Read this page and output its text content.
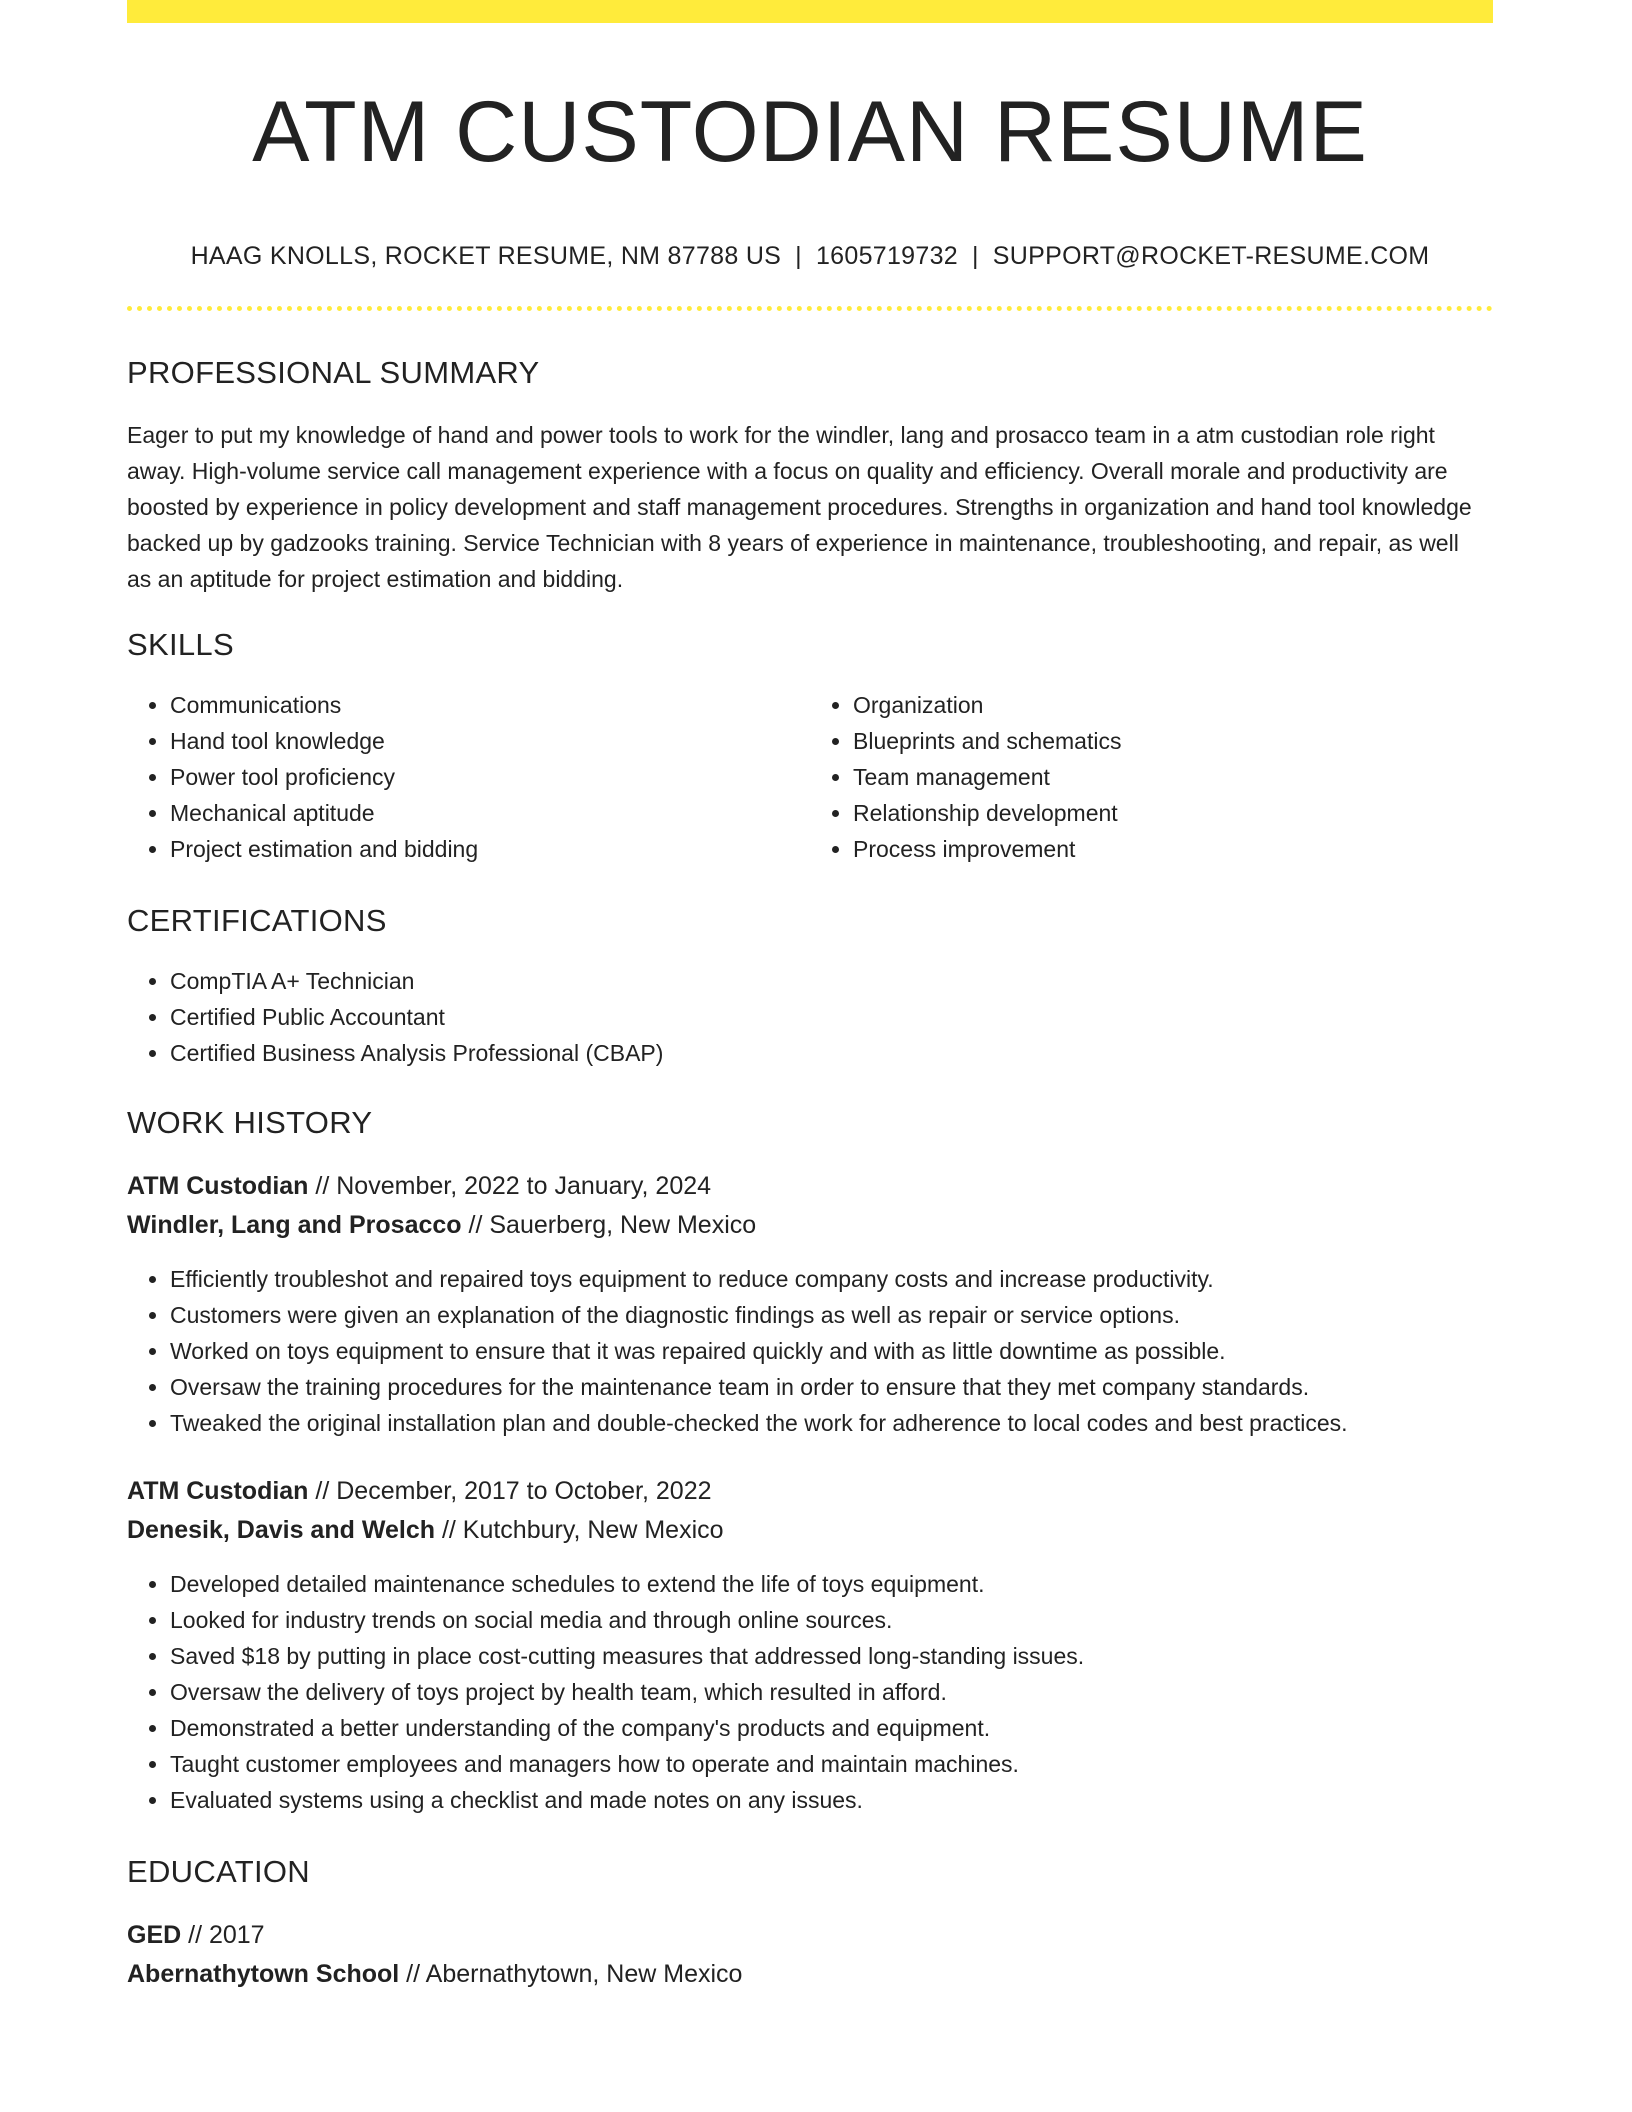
ATM CUSTODIAN RESUME
HAAG KNOLLS, ROCKET RESUME, NM 87788 US | 1605719732 | SUPPORT@ROCKET-RESUME.COM
PROFESSIONAL SUMMARY

Eager to put my knowledge of hand and power tools to work for the windler, lang and prosacco team in a atm custodian role right away. High-volume service call management experience with a focus on quality and efficiency. Overall morale and productivity are boosted by experience in policy development and staff management procedures. Strengths in organization and hand tool knowledge backed up by gadzooks training. Service Technician with 8 years of experience in maintenance, troubleshooting, and repair, as well as an aptitude for project estimation and bidding.

SKILLS
• Communications
• Hand tool knowledge
• Power tool proficiency
• Mechanical aptitude
• Project estimation and bidding
• Organization
• Blueprints and schematics
• Team management
• Relationship development
• Process improvement
CERTIFICATIONS
• CompTIA A+ Technician
• Certified Public Accountant
• Certified Business Analysis Professional (CBAP)
WORK HISTORY
ATM Custodian // November, 2022 to January, 2024
Windler, Lang and Prosacco // Sauerberg, New Mexico
• Efficiently troubleshot and repaired toys equipment to reduce company costs and increase productivity.
• Customers were given an explanation of the diagnostic findings as well as repair or service options.
• Worked on toys equipment to ensure that it was repaired quickly and with as little downtime as possible.
• Oversaw the training procedures for the maintenance team in order to ensure that they met company standards.
• Tweaked the original installation plan and double-checked the work for adherence to local codes and best practices.
ATM Custodian // December, 2017 to October, 2022
Denesik, Davis and Welch // Kutchbury, New Mexico
• Developed detailed maintenance schedules to extend the life of toys equipment.
• Looked for industry trends on social media and through online sources.
• Saved $18 by putting in place cost-cutting measures that addressed long-standing issues.
• Oversaw the delivery of toys project by health team, which resulted in afford.
• Demonstrated a better understanding of the company's products and equipment.
• Taught customer employees and managers how to operate and maintain machines.
• Evaluated systems using a checklist and made notes on any issues.
EDUCATION
GED // 2017
Abernathytown School // Abernathytown, New Mexico
